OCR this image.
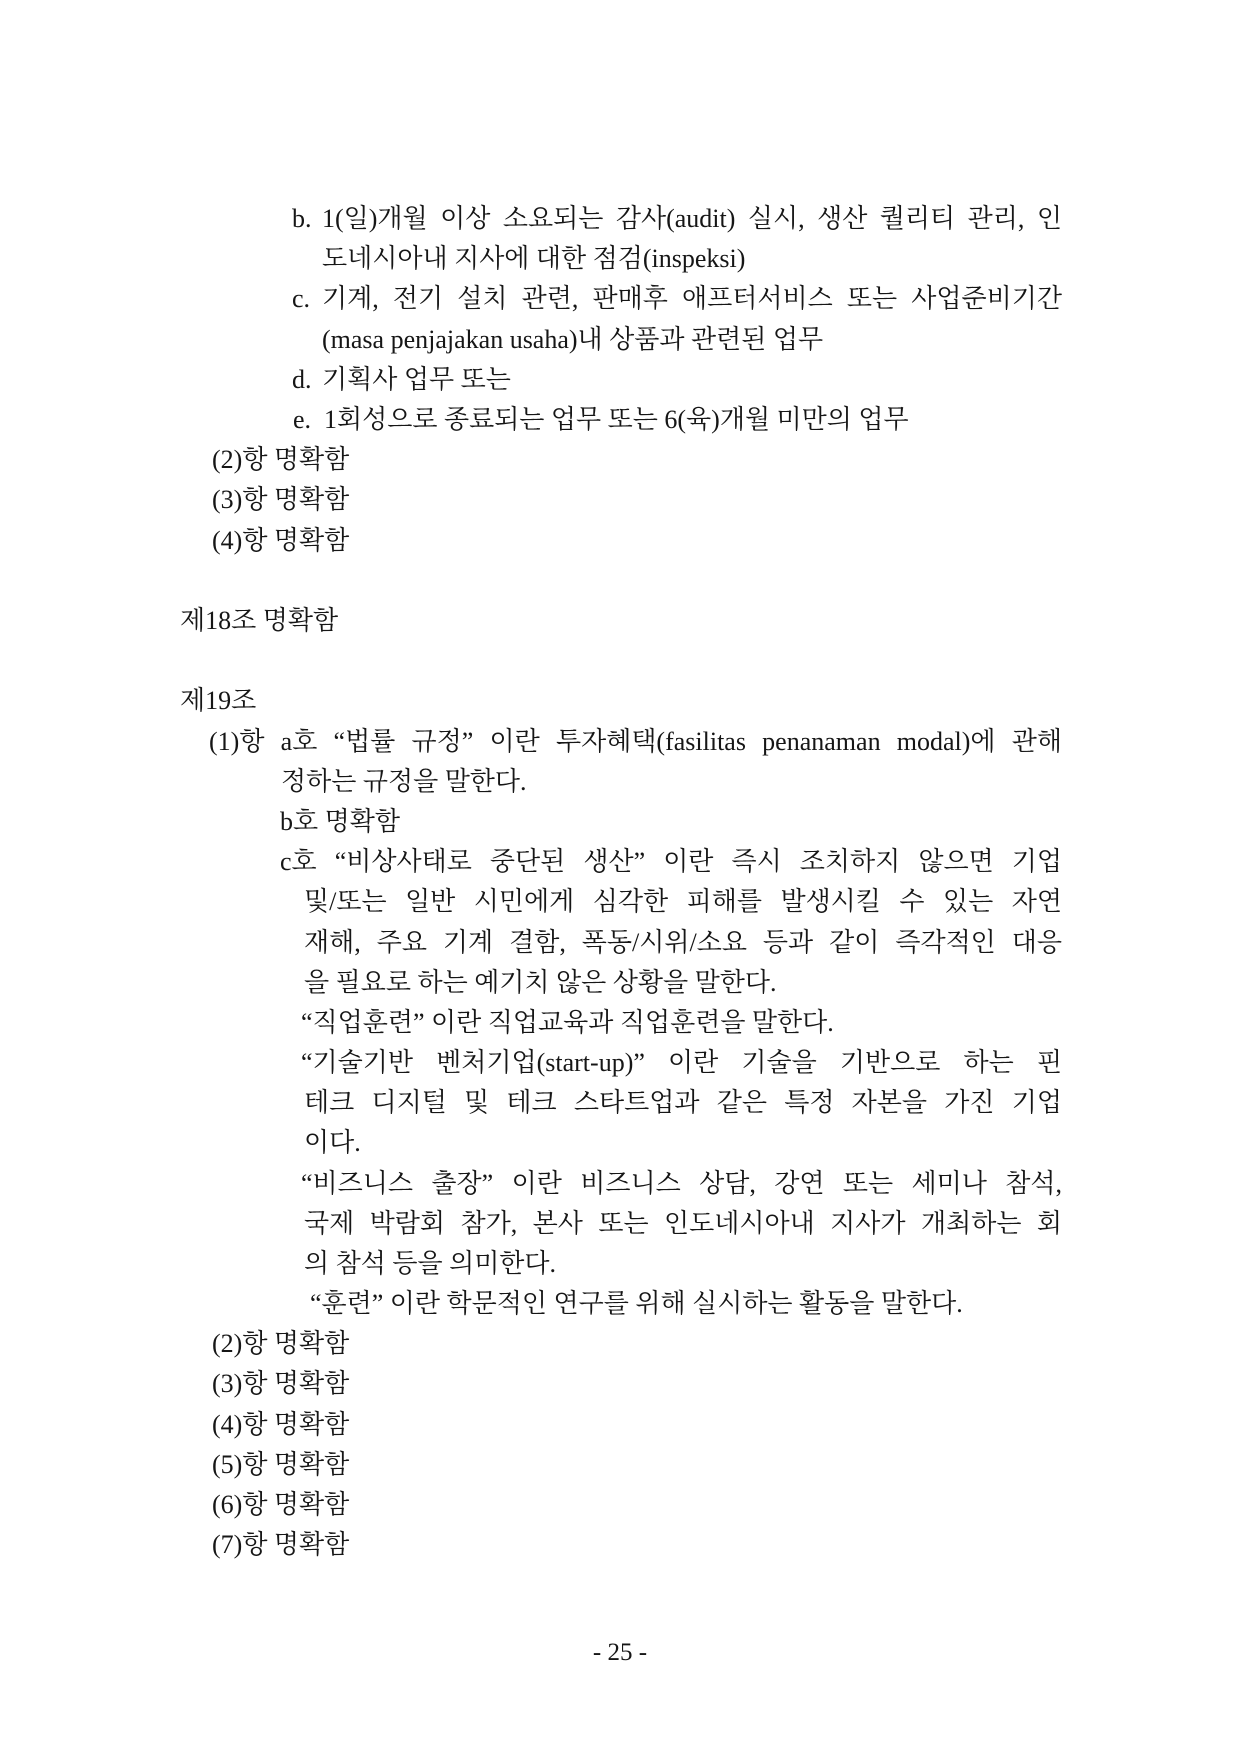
b. 1(일)개월 이상 소요되는 감사(audit) 실시, 생산 퀄리티 관리, 인
도네시아내 지사에 대한 점검(inspeksi)
c. 기계, 전기 설치 관련, 판매후 애프터서비스 또는 사업준비기간
(masa penjajakan usaha)내 상품과 관련된 업무
d. 기획사 업무 또는
e. 1회성으로 종료되는 업무 또는 6(육)개월 미만의 업무
(2)항 명확함
(3)항 명확함
(4)항 명확함
제18조 명확함
제19조
(1)항 a호 “법률 규정” 이란 투자혜택(fasilitas penanaman modal)에 관해
정하는 규정을 말한다.
b호 명확함
c호 “비상사태로 중단된 생산” 이란 즉시 조치하지 않으면 기업
및/또는 일반 시민에게 심각한 피해를 발생시킬 수 있는 자연
재해, 주요 기계 결함, 폭동/시위/소요 등과 같이 즉각적인 대응
을 필요로 하는 예기치 않은 상황을 말한다.
“직업훈련” 이란 직업교육과 직업훈련을 말한다.
“기술기반 벤처기업(start-up)” 이란 기술을 기반으로 하는 핀
테크 디지털 및 테크 스타트업과 같은 특정 자본을 가진 기업
이다.
“비즈니스 출장” 이란 비즈니스 상담, 강연 또는 세미나 참석,
국제 박람회 참가, 본사 또는 인도네시아내 지사가 개최하는 회
의 참석 등을 의미한다.
“훈련” 이란 학문적인 연구를 위해 실시하는 활동을 말한다.
(2)항 명확함
(3)항 명확함
(4)항 명확함
(5)항 명확함
(6)항 명확함
(7)항 명확함
- 25 -
